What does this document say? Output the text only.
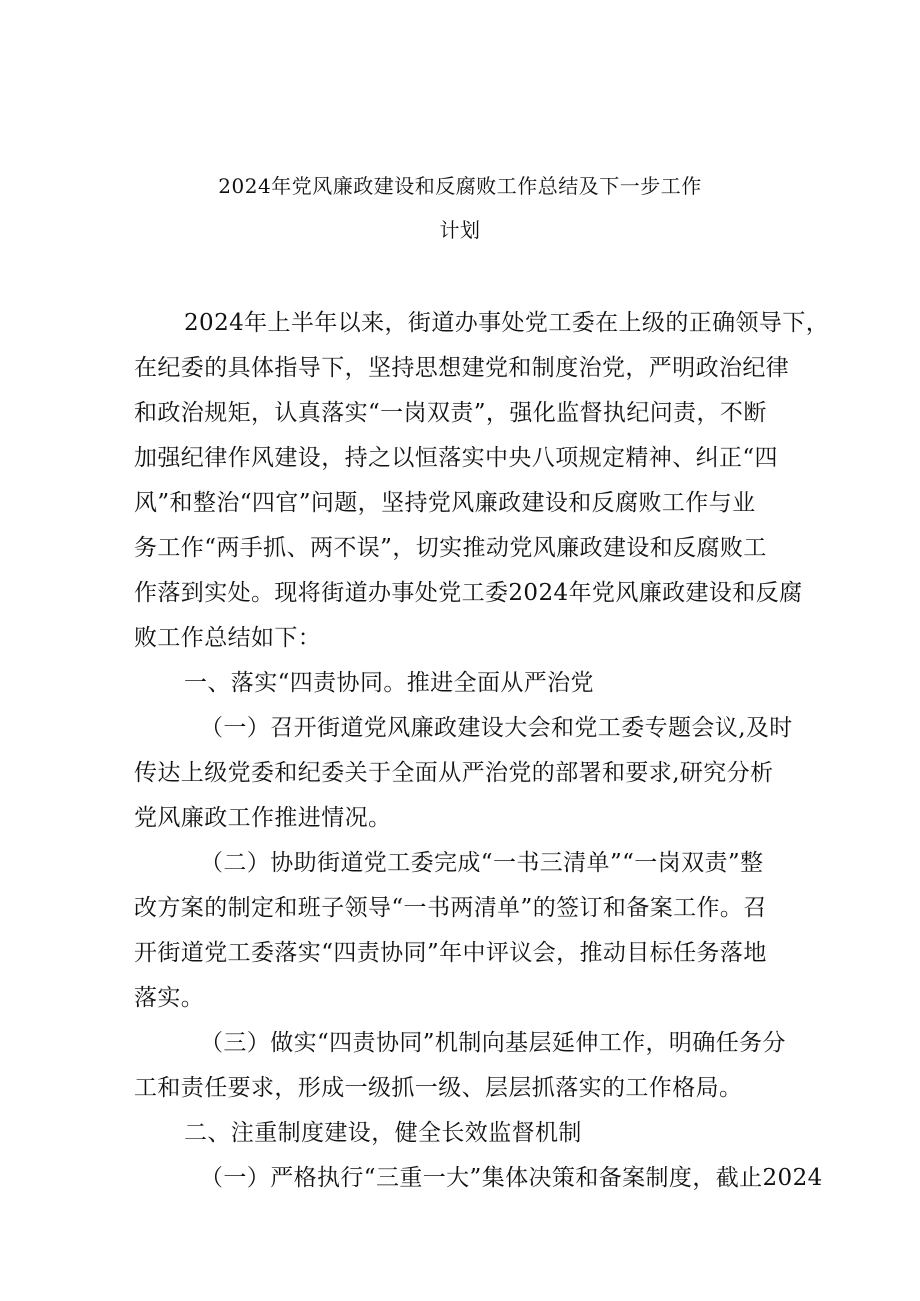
2024年党风廉政建设和反腐败工作总结及下一步工作
计划
2024年上半年以来，街道办事处党工委在上级的正确领导下，
在纪委的具体指导下，坚持思想建党和制度治党，严明政治纪律
和政治规矩，认真落实“一岗双责”，强化监督执纪问责，不断
加强纪律作风建设，持之以恒落实中央八项规定精神、纠正“四
风”和整治“四官”问题，坚持党风廉政建设和反腐败工作与业
务工作“两手抓、两不误”，切实推动党风廉政建设和反腐败工
作落到实处。现将街道办事处党工委2024年党风廉政建设和反腐
败工作总结如下：
一、落实“四责协同。推进全面从严治党
（一）召开街道党风廉政建设大会和党工委专题会议,及时
传达上级党委和纪委关于全面从严治党的部署和要求,研究分析
党风廉政工作推进情况。
（二）协助街道党工委完成“一书三清单”“一岗双责”整
改方案的制定和班子领导“一书两清单”的签订和备案工作。召
开街道党工委落实“四责协同”年中评议会，推动目标任务落地
落实。
（三）做实“四责协同”机制向基层延伸工作，明确任务分
工和责任要求，形成一级抓一级、层层抓落实的工作格局。
二、注重制度建设，健全长效监督机制
（一）严格执行“三重一大”集体决策和备案制度，截止2024
